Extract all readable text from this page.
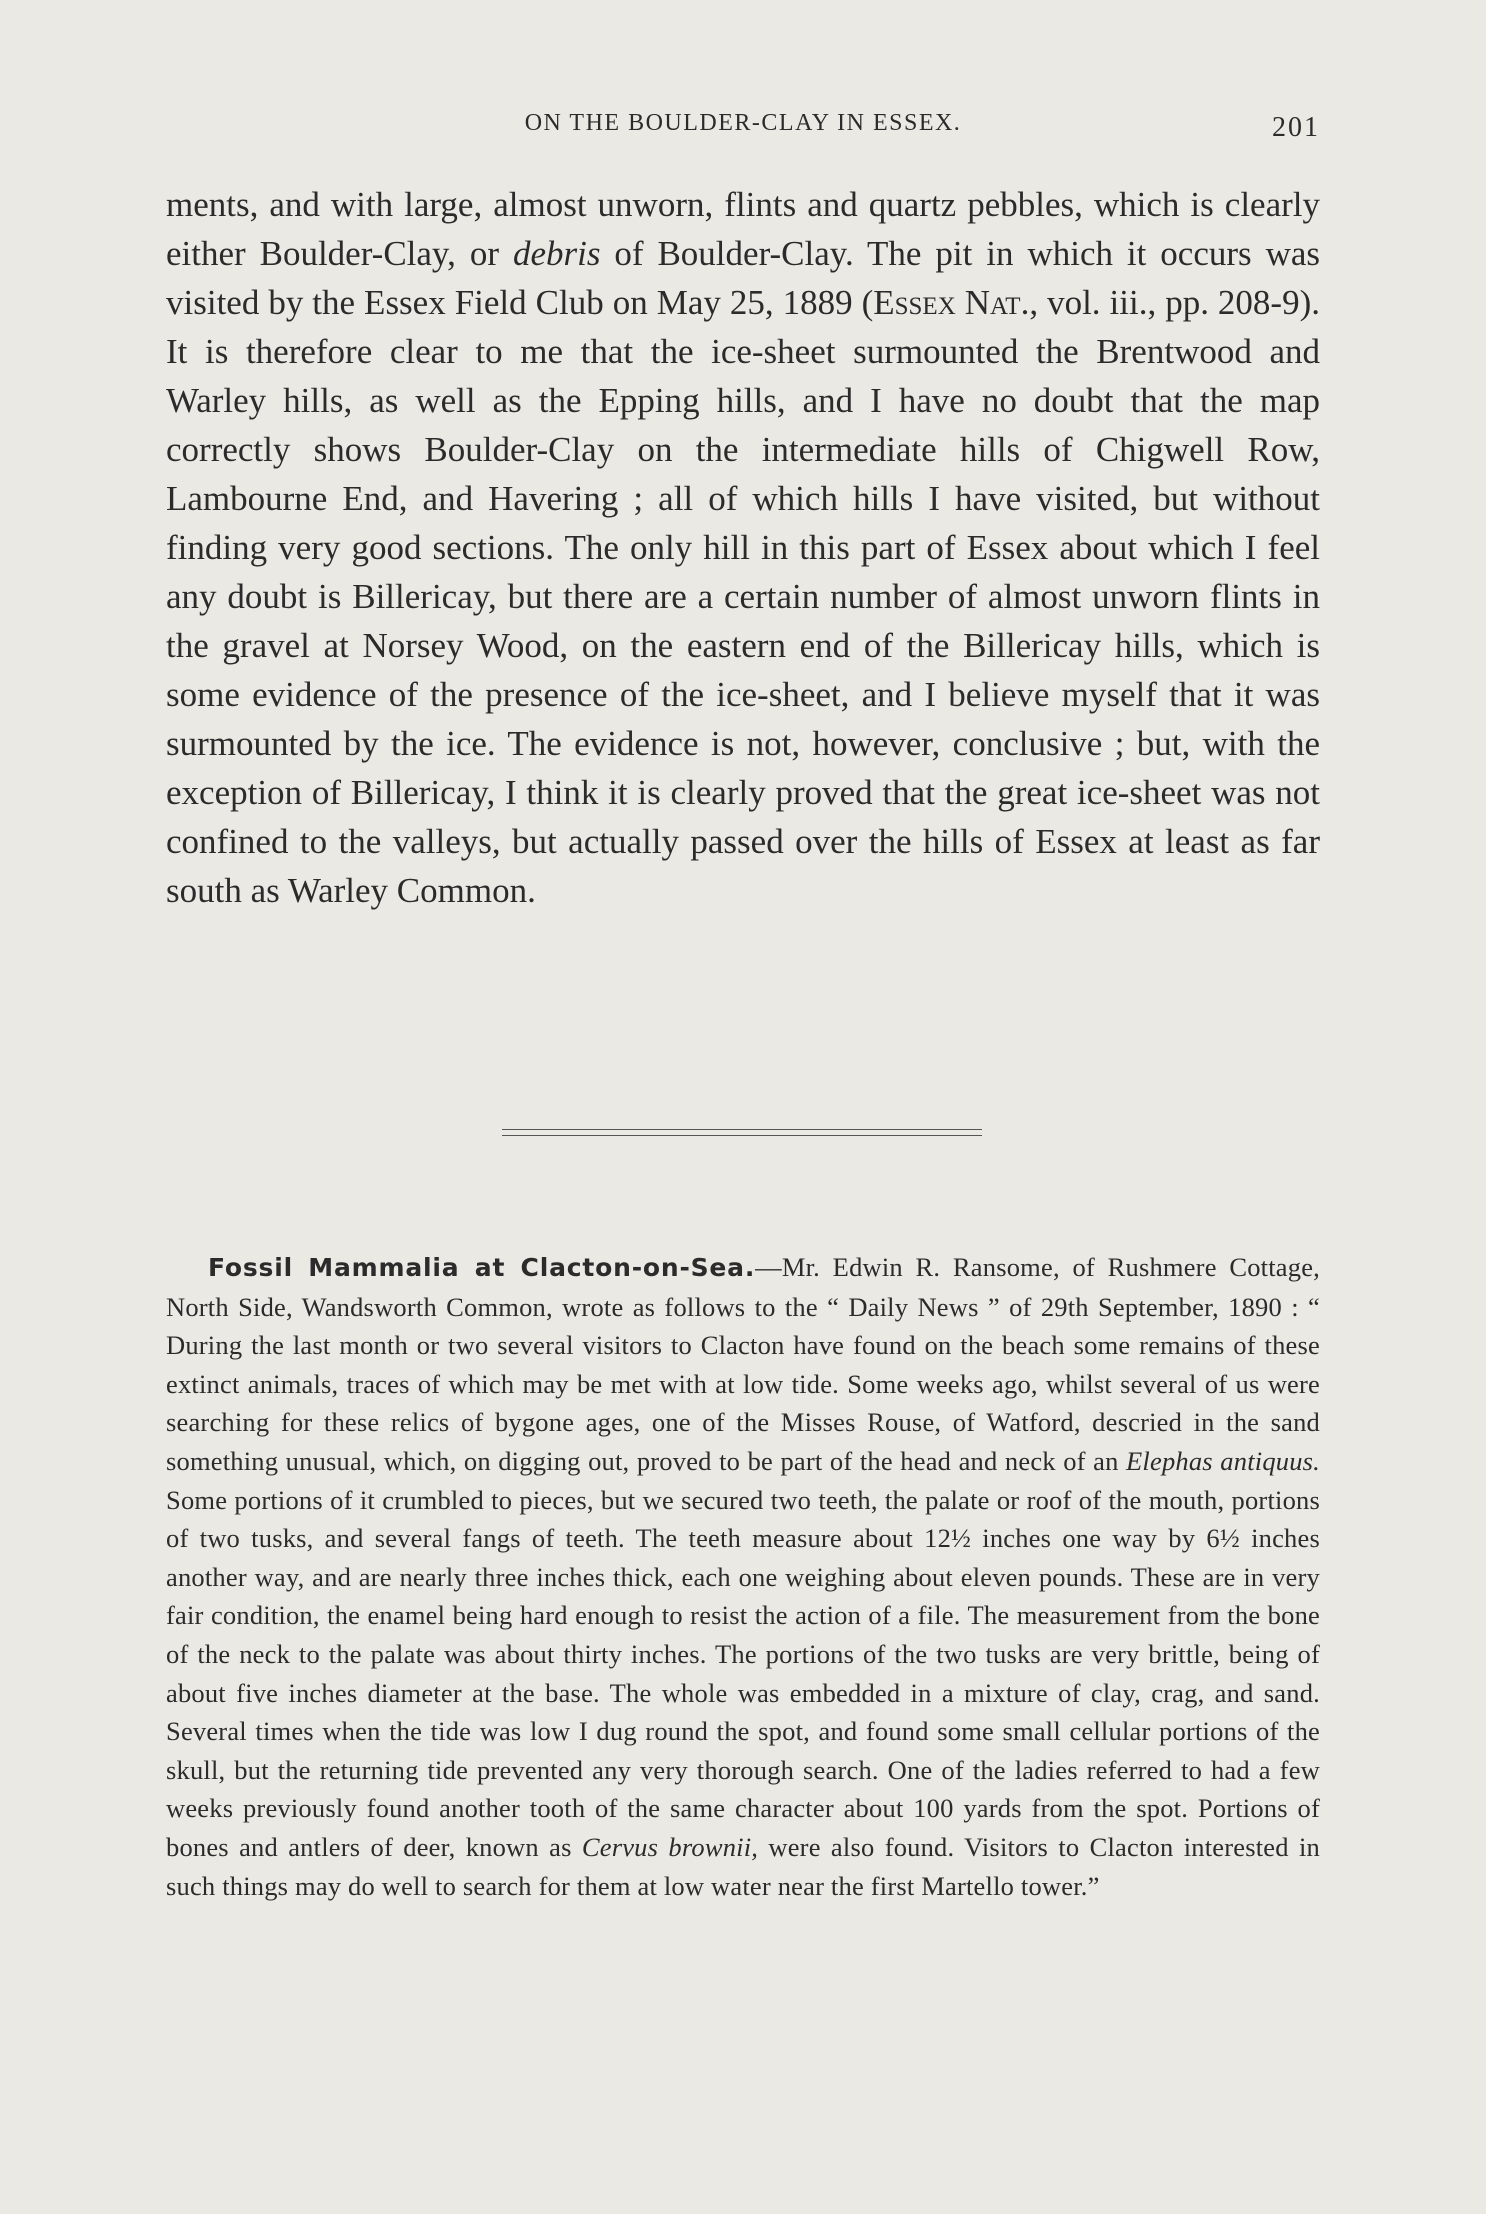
ON THE BOULDER-CLAY IN ESSEX.	201

ments, and with large, almost unworn, flints and quartz pebbles, which is clearly either Boulder-Clay, or debris of Boulder-Clay. The pit in which it occurs was visited by the Essex Field Club on May 25, 1889 (Essex Nat., vol. iii., pp. 208-9). It is therefore clear to me that the ice-sheet surmounted the Brentwood and Warley hills, as well as the Epping hills, and I have no doubt that the map correctly shows Boulder-Clay on the intermediate hills of Chigwell Row, Lambourne End, and Havering ; all of which hills I have visited, but without finding very good sections. The only hill in this part of Essex about which I feel any doubt is Billericay, but there are a certain number of almost unworn flints in the gravel at Norsey Wood, on the eastern end of the Billericay hills, which is some evidence of the presence of the ice-sheet, and I believe myself that it was surmounted by the ice. The evidence is not, however, conclusive ; but, with the exception of Billericay, I think it is clearly proved that the great ice-sheet was not confined to the valleys, but actually passed over the hills of Essex at least as far south as Warley Common.

Fossil Mammalia at Clacton-on-Sea.—Mr. Edwin R. Ransome, of Rushmere Cottage, North Side, Wandsworth Common, wrote as follows to the “ Daily News ” of 29th September, 1890 : “ During the last month or two several visitors to Clacton have found on the beach some remains of these extinct animals, traces of which may be met with at low tide. Some weeks ago, whilst several of us were searching for these relics of bygone ages, one of the Misses Rouse, of Watford, descried in the sand something unusual, which, on digging out, proved to be part of the head and neck of an Elephas antiquus. Some portions of it crumbled to pieces, but we secured two teeth, the palate or roof of the mouth, portions of two tusks, and several fangs of teeth. The teeth measure about 12½ inches one way by 6½ inches another way, and are nearly three inches thick, each one weighing about eleven pounds. These are in very fair condition, the enamel being hard enough to resist the action of a file. The measurement from the bone of the neck to the palate was about thirty inches. The portions of the two tusks are very brittle, being of about five inches diameter at the base. The whole was embedded in a mixture of clay, crag, and sand. Several times when the tide was low I dug round the spot, and found some small cellular portions of the skull, but the returning tide prevented any very thorough search. One of the ladies referred to had a few weeks previously found another tooth of the same character about 100 yards from the spot. Portions of bones and antlers of deer, known as Cervus brownii, were also found. Visitors to Clacton interested in such things may do well to search for them at low water near the first Martello tower.”
